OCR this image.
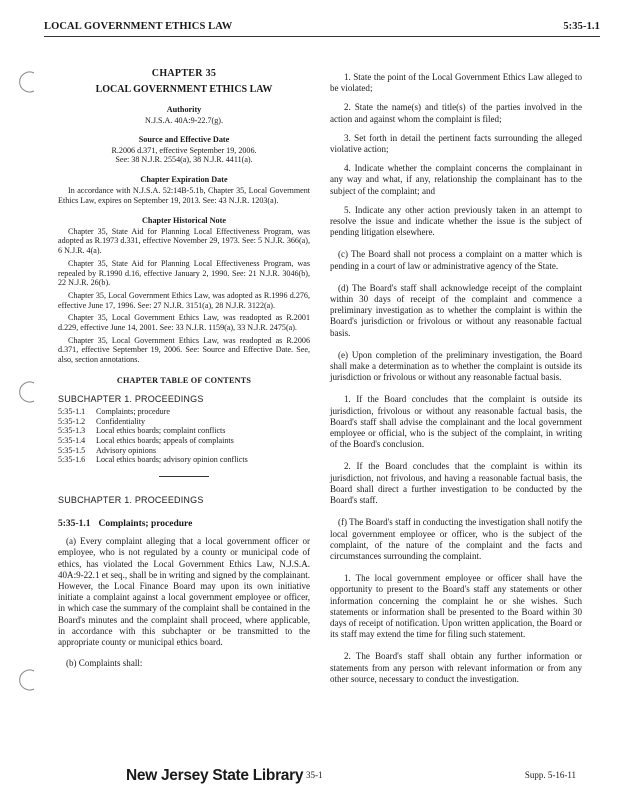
LOCAL GOVERNMENT ETHICS LAW	5:35-1.1

CHAPTER 35

LOCAL GOVERNMENT ETHICS LAW

Authority

N.J.S.A. 40A:9-22.7(g).

Source and Effective Date

R.2006 d.371, effective September 19, 2006.

See: 38 N.J.R. 2554(a), 38 N.J.R. 4411(a).

Chapter Expiration Date

In accordance with N.J.S.A. 52:14B-5.1b, Chapter 35, Local Government Ethics Law, expires on September 19, 2013. See: 43 N.J.R. 1203(a).

Chapter Historical Note

Chapter 35, State Aid for Planning Local Effectiveness Program, was adopted as R.1973 d.331, effective November 29, 1973. See: 5 N.J.R. 366(a), 6 N.J.R. 4(a).

Chapter 35, State Aid for Planning Local Effectiveness Program, was repealed by R.1990 d.16, effective January 2, 1990. See: 21 N.J.R. 3046(b), 22 N.J.R. 26(b).

Chapter 35, Local Government Ethics Law, was adopted as R.1996 d.276, effective June 17, 1996. See: 27 N.J.R. 3151(a), 28 N.J.R. 3122(a).

Chapter 35, Local Government Ethics Law, was readopted as R.2001 d.229, effective June 14, 2001. See: 33 N.J.R. 1159(a), 33 N.J.R. 2475(a).

Chapter 35, Local Government Ethics Law, was readopted as R.2006 d.371, effective September 19, 2006. See: Source and Effective Date. See, also, section annotations.

CHAPTER TABLE OF CONTENTS

SUBCHAPTER 1. PROCEEDINGS

5:35-1.1	Complaints; procedure
5:35-1.2	Confidentiality
5:35-1.3	Local ethics boards; complaint conflicts
5:35-1.4	Local ethics boards; appeals of complaints
5:35-1.5	Advisory opinions
5:35-1.6	Local ethics boards; advisory opinion conflicts

SUBCHAPTER 1. PROCEEDINGS

5:35-1.1 Complaints; procedure

(a) Every complaint alleging that a local government officer or employee, who is not regulated by a county or municipal code of ethics, has violated the Local Government Ethics Law, N.J.S.A. 40A:9-22.1 et seq., shall be in writing and signed by the complainant. However, the Local Finance Board may upon its own initiative initiate a complaint against a local government employee or officer, in which case the summary of the complaint shall be contained in the Board's minutes and the complaint shall proceed, where applicable, in accordance with this subchapter or be transmitted to the appropriate county or municipal ethics board.

(b) Complaints shall:

1. State the point of the Local Government Ethics Law alleged to be violated;

2. State the name(s) and title(s) of the parties involved in the action and against whom the complaint is filed;

3. Set forth in detail the pertinent facts surrounding the alleged violative action;

4. Indicate whether the complaint concerns the complainant in any way and what, if any, relationship the complainant has to the subject of the complaint; and

5. Indicate any other action previously taken in an attempt to resolve the issue and indicate whether the issue is the subject of pending litigation elsewhere.

(c) The Board shall not process a complaint on a matter which is pending in a court of law or administrative agency of the State.

(d) The Board's staff shall acknowledge receipt of the complaint within 30 days of receipt of the complaint and commence a preliminary investigation as to whether the complaint is within the Board's jurisdiction or frivolous or without any reasonable factual basis.

(e) Upon completion of the preliminary investigation, the Board shall make a determination as to whether the complaint is outside its jurisdiction or frivolous or without any reasonable factual basis.

1. If the Board concludes that the complaint is outside its jurisdiction, frivolous or without any reasonable factual basis, the Board's staff shall advise the complainant and the local government employee or official, who is the subject of the complaint, in writing of the Board's conclusion.

2. If the Board concludes that the complaint is within its jurisdiction, not frivolous, and having a reasonable factual basis, the Board shall direct a further investigation to be conducted by the Board's staff.

(f) The Board's staff in conducting the investigation shall notify the local government employee or officer, who is the subject of the complaint, of the nature of the complaint and the facts and circumstances surrounding the complaint.

1. The local government employee or officer shall have the opportunity to present to the Board's staff any statements or other information concerning the complaint he or she wishes. Such statements or information shall be presented to the Board within 30 days of receipt of notification. Upon written application, the Board or its staff may extend the time for filing such statement.

2. The Board's staff shall obtain any further information or statements from any person with relevant information or from any other source, necessary to conduct the investigation.

New Jersey State Library 35-1	Supp. 5-16-11
